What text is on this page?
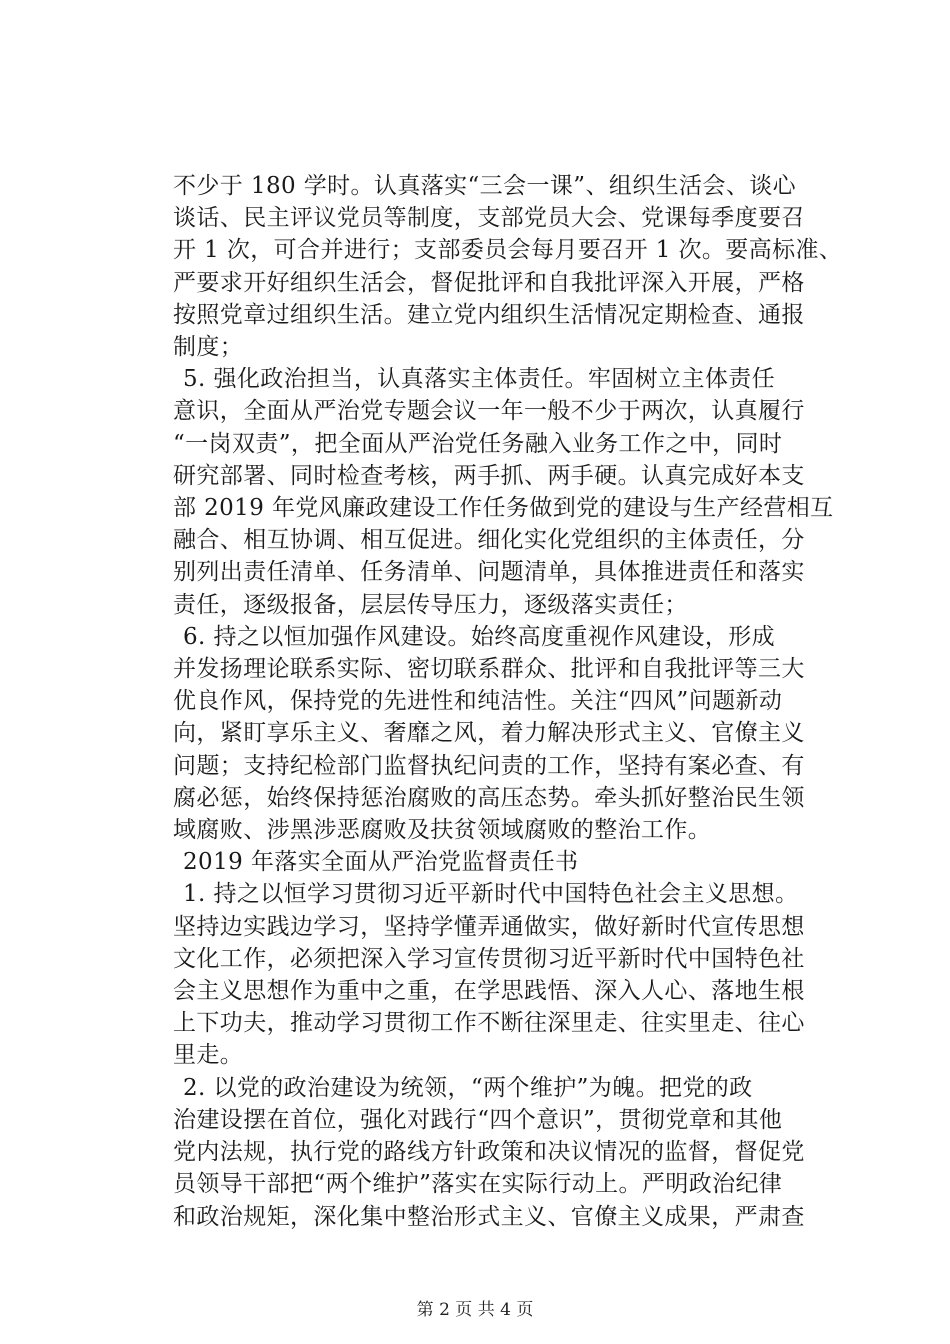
不少于 180 学时。认真落实“三会一课”、组织生活会、谈心
谈话、民主评议党员等制度，支部党员大会、党课每季度要召
开 1 次，可合并进行；支部委员会每月要召开 1 次。要高标准、
严要求开好组织生活会，督促批评和自我批评深入开展，严格
按照党章过组织生活。建立党内组织生活情况定期检查、通报
制度；

5. 强化政治担当，认真落实主体责任。牢固树立主体责任
意识，全面从严治党专题会议一年一般不少于两次，认真履行
“一岗双责”，把全面从严治党任务融入业务工作之中，同时
研究部署、同时检查考核，两手抓、两手硬。认真完成好本支
部 2019 年党风廉政建设工作任务做到党的建设与生产经营相互
融合、相互协调、相互促进。细化实化党组织的主体责任，分
别列出责任清单、任务清单、问题清单，具体推进责任和落实
责任，逐级报备，层层传导压力，逐级落实责任；

6. 持之以恒加强作风建设。始终高度重视作风建设，形成
并发扬理论联系实际、密切联系群众、批评和自我批评等三大
优良作风，保持党的先进性和纯洁性。关注“四风”问题新动
向，紧盯享乐主义、奢靡之风，着力解决形式主义、官僚主义
问题；支持纪检部门监督执纪问责的工作，坚持有案必查、有
腐必惩，始终保持惩治腐败的高压态势。牵头抓好整治民生领
域腐败、涉黑涉恶腐败及扶贫领域腐败的整治工作。

2019 年落实全面从严治党监督责任书

1. 持之以恒学习贯彻习近平新时代中国特色社会主义思想。
坚持边实践边学习，坚持学懂弄通做实，做好新时代宣传思想
文化工作，必须把深入学习宣传贯彻习近平新时代中国特色社
会主义思想作为重中之重，在学思践悟、深入人心、落地生根
上下功夫，推动学习贯彻工作不断往深里走、往实里走、往心
里走。

2. 以党的政治建设为统领，“两个维护”为魄。把党的政
治建设摆在首位，强化对践行“四个意识”，贯彻党章和其他
党内法规，执行党的路线方针政策和决议情况的监督，督促党
员领导干部把“两个维护”落实在实际行动上。严明政治纪律
和政治规矩，深化集中整治形式主义、官僚主义成果，严肃查

第 2 页 共 4 页
